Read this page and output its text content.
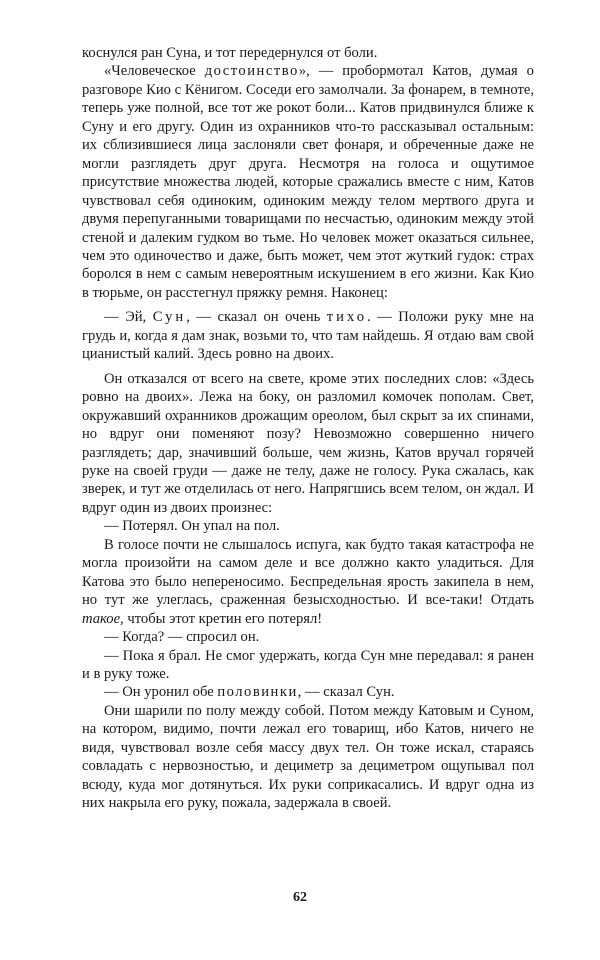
коснулся ран Суна, и тот передернулся от боли.

«Человеческое достоинство», — пробормотал Катов, думая о разговоре Кио с Кёнигом. Соседи его замолчали. За фонарем, в темноте, теперь уже полной, все тот же рокот боли... Катов придвинулся ближе к Суну и его другу. Один из охранников что-то рассказывал остальным: их сблизившиеся лица заслоняли свет фонаря, и обреченные даже не могли разглядеть друг друга. Несмотря на голоса и ощутимое присутствие множества людей, которые сражались вместе с ним, Катов чувствовал себя одиноким, одиноким между телом мертвого друга и двумя перепуганными товарищами по несчастью, одиноким между этой стеной и далеким гудком во тьме. Но человек может оказаться сильнее, чем это одиночество и даже, быть может, чем этот жуткий гудок: страх боролся в нем с самым невероятным искушением в его жизни. Как Кио в тюрьме, он расстегнул пряжку ремня. Наконец:

— Эй, Сун, — сказал он очень тихо. — Положи руку мне на грудь и, когда я дам знак, возьми то, что там найдешь. Я отдаю вам свой цианистый калий. Здесь ровно на двоих.

Он отказался от всего на свете, кроме этих последних слов: «Здесь ровно на двоих». Лежа на боку, он разломил комочек пополам. Свет, окружавший охранников дрожащим ореолом, был скрыт за их спинами, но вдруг они поменяют позу? Невозможно совершенно ничего разглядеть; дар, значивший больше, чем жизнь, Катов вручал горячей руке на своей груди — даже не телу, даже не голосу. Рука сжалась, как зверек, и тут же отделилась от него. Напрягшись всем телом, он ждал. И вдруг один из двоих произнес:

— Потерял. Он упал на пол.

В голосе почти не слышалось испуга, как будто такая катастрофа не могла произойти на самом деле и все должно както уладиться. Для Катова это было непереносимо. Беспредельная ярость закипела в нем, но тут же улеглась, сраженная безысходностью. И все-таки! Отдать такое, чтобы этот кретин его потерял!

— Когда? — спросил он.

— Пока я брал. Не смог удержать, когда Сун мне передавал: я ранен и в руку тоже.

— Он уронил обе половинки, — сказал Сун.

Они шарили по полу между собой. Потом между Катовым и Суном, на котором, видимо, почти лежал его товарищ, ибо Катов, ничего не видя, чувствовал возле себя массу двух тел. Он тоже искал, стараясь совладать с нервозностью, и дециметр за дециметром ощупывал пол всюду, куда мог дотянуться. Их руки соприкасались. И вдруг одна из них накрыла его руку, пожала, задержала в своей.

62
